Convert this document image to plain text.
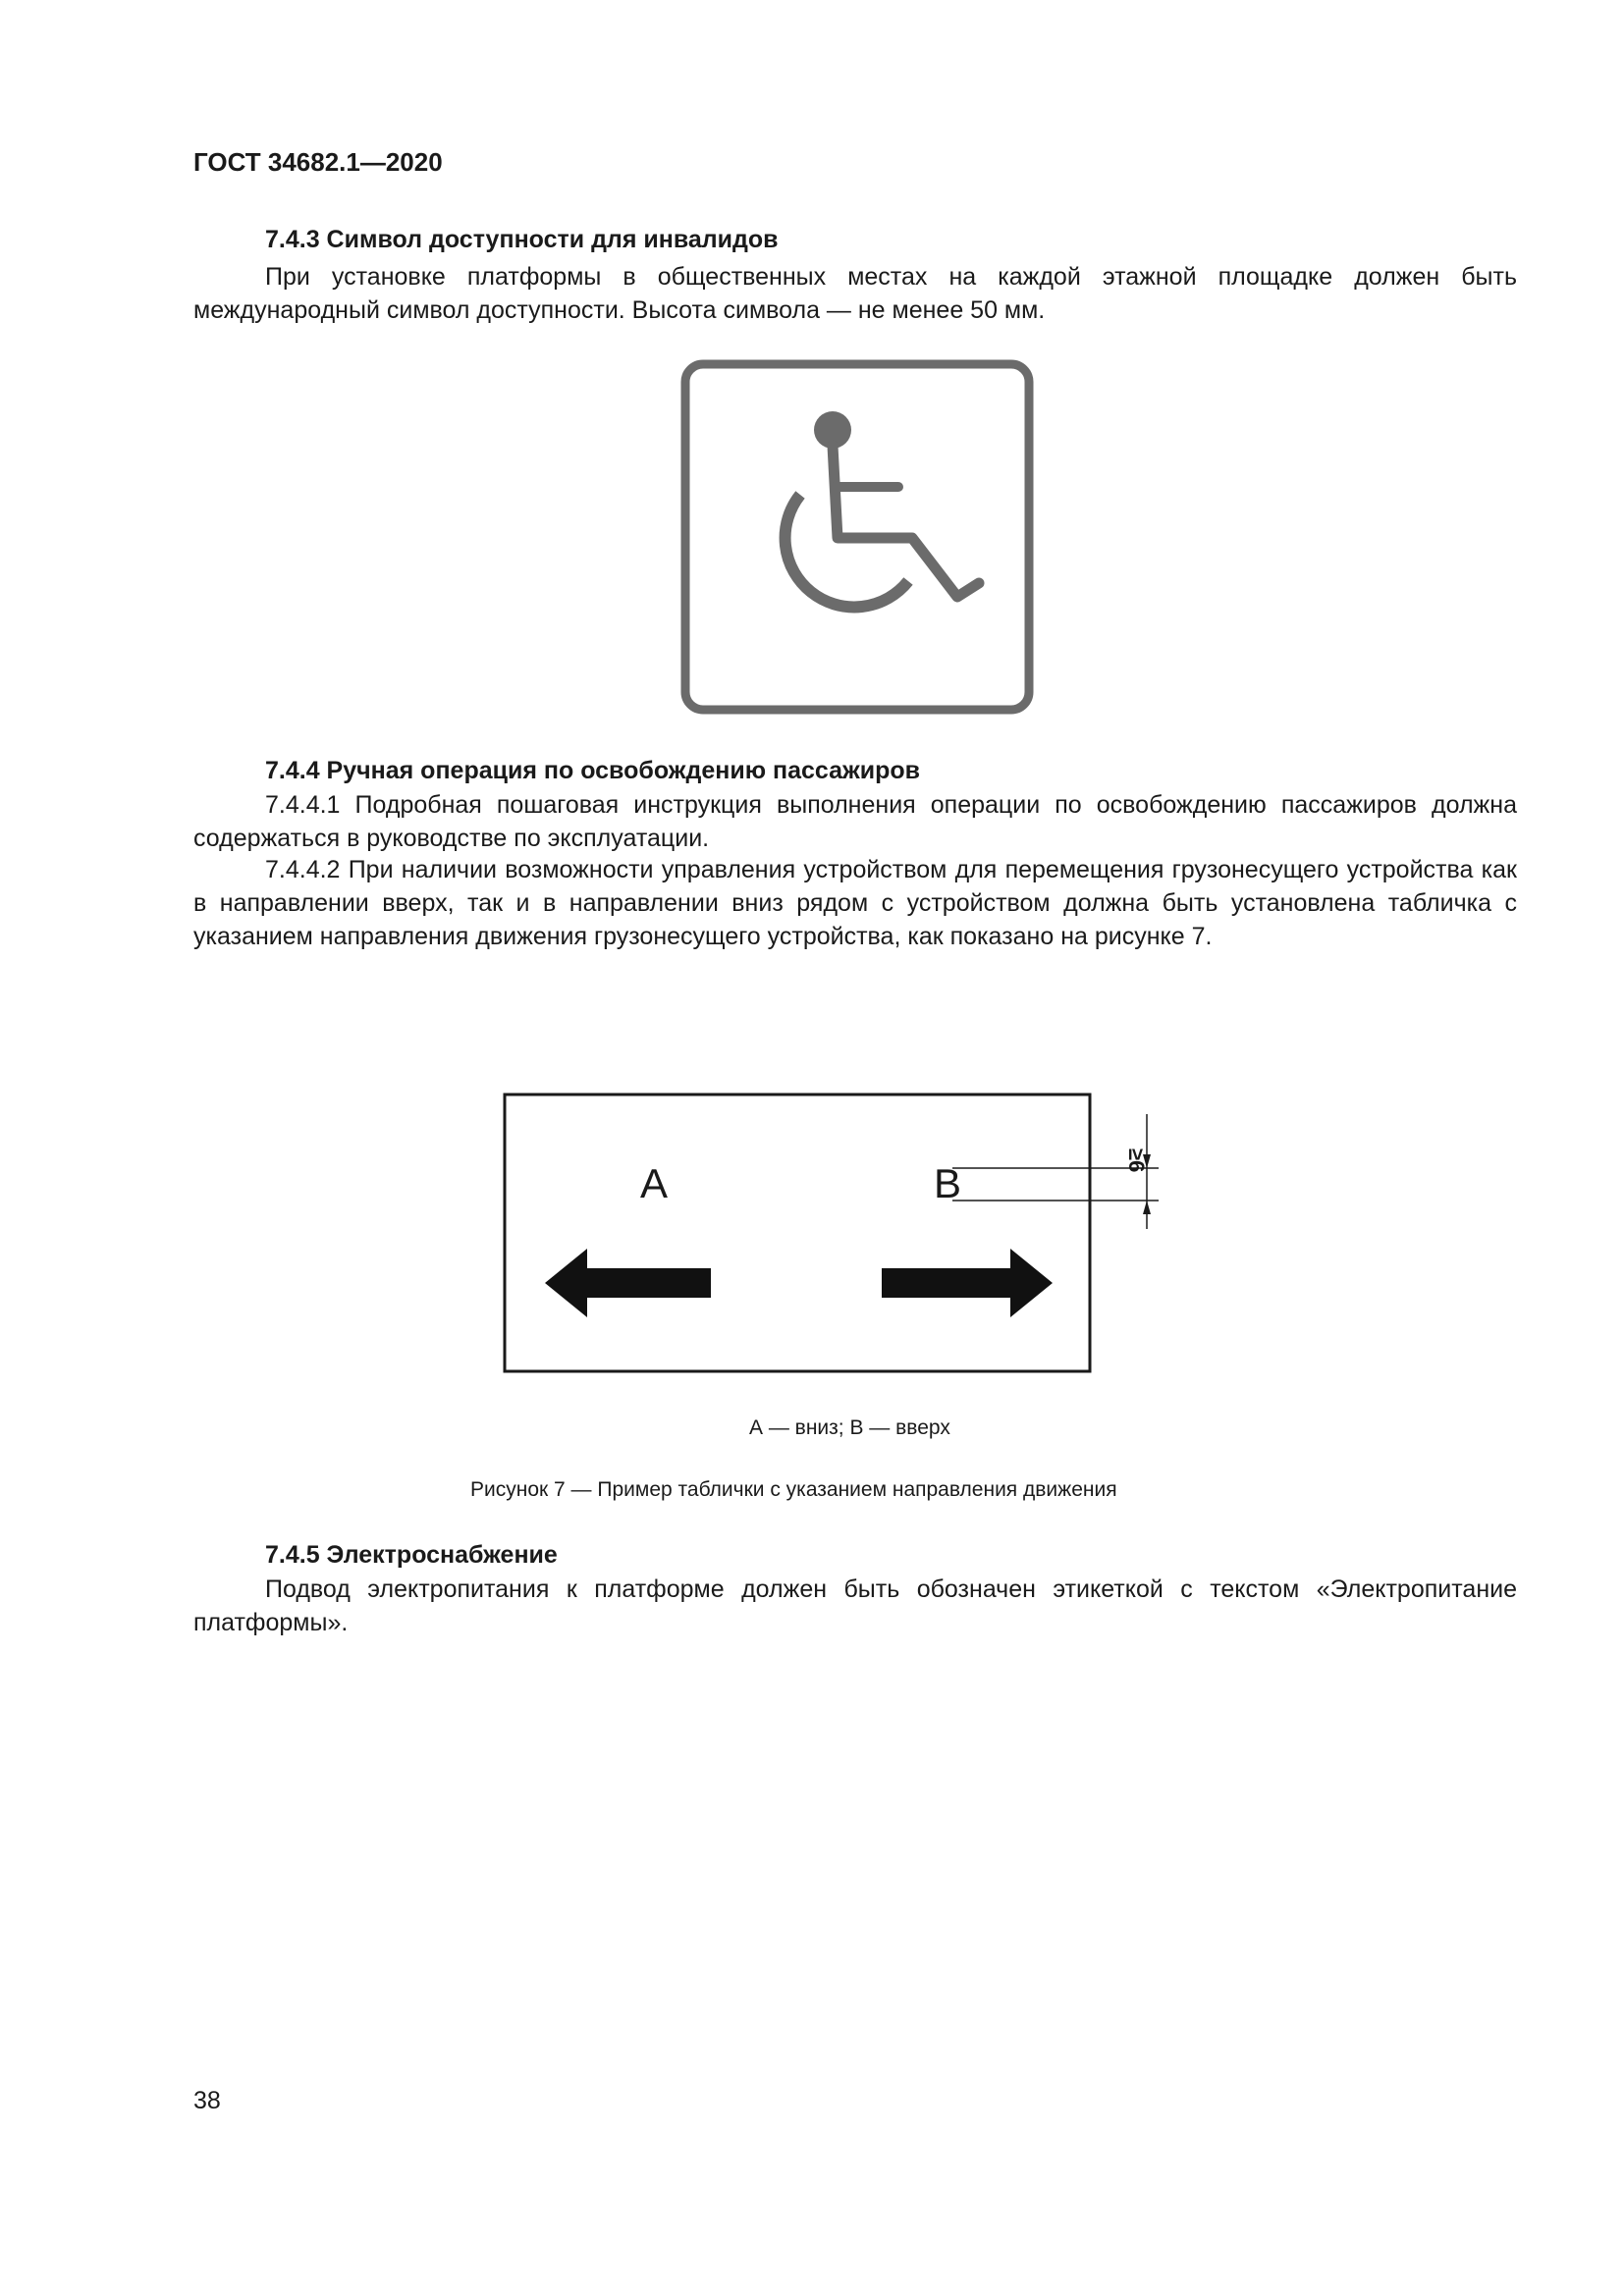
ГОСТ 34682.1—2020
7.4.3 Символ доступности для инвалидов
При установке платформы в общественных местах на каждой этажной площадке должен быть международный символ доступности. Высота символа — не менее 50 мм.
7.4.4 Ручная операция по освобождению пассажиров
7.4.4.1 Подробная пошаговая инструкция выполнения операции по освобождению пассажиров должна содержаться в руководстве по эксплуатации.
7.4.4.2 При наличии возможности управления устройством для перемещения грузонесущего устройства как в направлении вверх, так и в направлении вниз рядом с устройством должна быть установлена табличка с указанием направления движения грузонесущего устройства, как показано на рисунке 7.
A	B	≥6
А — вниз; В — вверх
Рисунок 7 — Пример таблички с указанием направления движения
7.4.5 Электроснабжение
Подвод электропитания к платформе должен быть обозначен этикеткой с текстом «Электропитание платформы».
38
